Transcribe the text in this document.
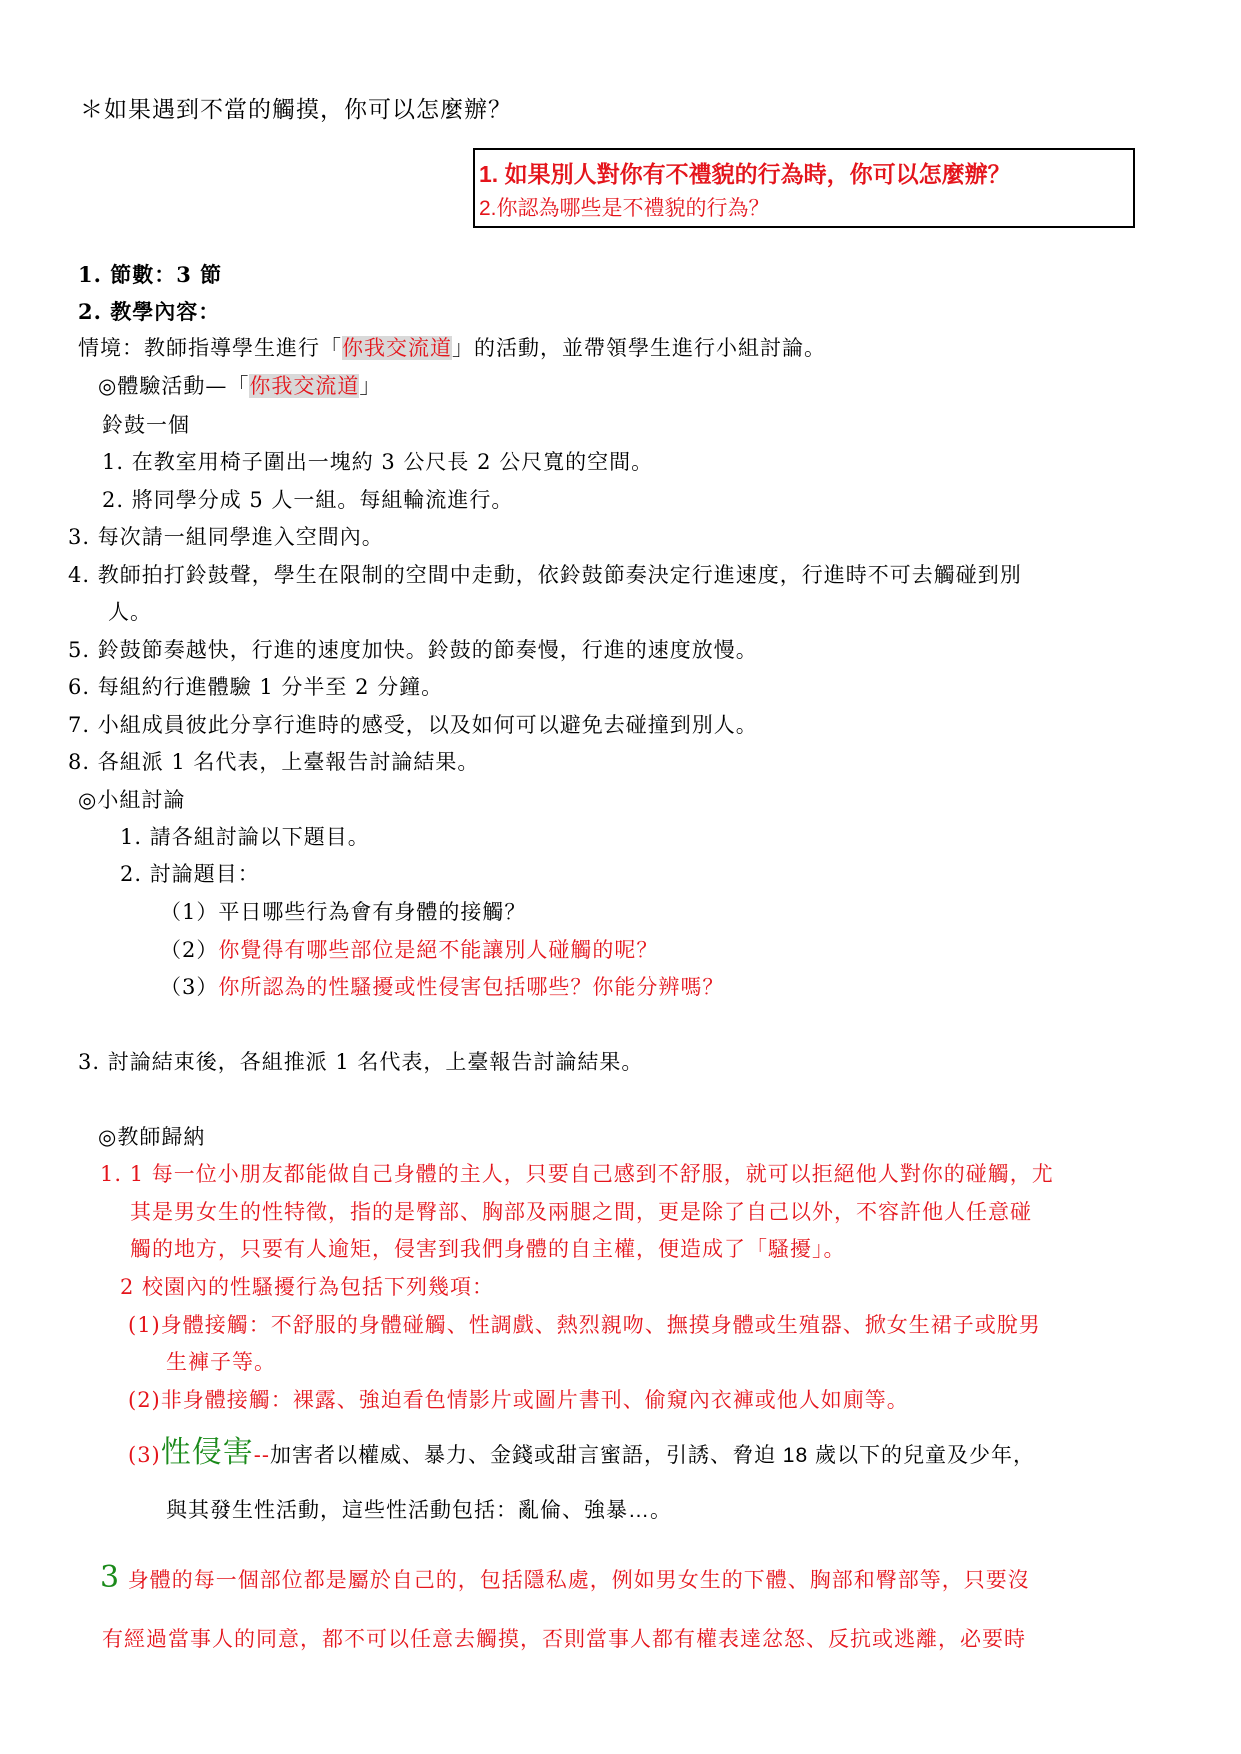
＊如果遇到不當的觸摸，你可以怎麼辦？
1. 如果別人對你有不禮貌的行為時，你可以怎麼辦？
2.你認為哪些是不禮貌的行為？
1. 節數：3 節
2. 教學內容：
情境：教師指導學生進行「你我交流道」的活動，並帶領學生進行小組討論。
◎體驗活動—「你我交流道」
鈴鼓一個
1. 在教室用椅子圍出一塊約 3 公尺長 2 公尺寬的空間。
2. 將同學分成 5 人一組。每組輪流進行。
3. 每次請一組同學進入空間內。
4. 教師拍打鈴鼓聲，學生在限制的空間中走動，依鈴鼓節奏決定行進速度，行進時不可去觸碰到別
人。
5. 鈴鼓節奏越快，行進的速度加快。鈴鼓的節奏慢，行進的速度放慢。
6. 每組約行進體驗 1 分半至 2 分鐘。
7. 小組成員彼此分享行進時的感受，以及如何可以避免去碰撞到別人。
8. 各組派 1 名代表，上臺報告討論結果。
◎小組討論
1. 請各組討論以下題目。
2. 討論題目：
（1）平日哪些行為會有身體的接觸？
（2）你覺得有哪些部位是絕不能讓別人碰觸的呢？
（3）你所認為的性騷擾或性侵害包括哪些？你能分辨嗎？
3. 討論結束後，各組推派 1 名代表，上臺報告討論結果。
◎教師歸納
1. 1 每一位小朋友都能做自己身體的主人，只要自己感到不舒服，就可以拒絕他人對你的碰觸，尤
其是男女生的性特徵，指的是臀部、胸部及兩腿之間，更是除了自己以外，不容許他人任意碰
觸的地方，只要有人逾矩，侵害到我們身體的自主權，便造成了「騷擾」。
2 校園內的性騷擾行為包括下列幾項：
(1)身體接觸：不舒服的身體碰觸、性調戲、熱烈親吻、撫摸身體或生殖器、掀女生裙子或脫男
生褲子等。
(2)非身體接觸：裸露、強迫看色情影片或圖片書刊、偷窺內衣褲或他人如廁等。
(3)性侵害--加害者以權威、暴力、金錢或甜言蜜語，引誘、脅迫 18 歲以下的兒童及少年，
與其發生性活動，這些性活動包括：亂倫、強暴…。
3 身體的每一個部位都是屬於自己的，包括隱私處，例如男女生的下體、胸部和臀部等，只要沒
有經過當事人的同意，都不可以任意去觸摸，否則當事人都有權表達忿怒、反抗或逃離，必要時
